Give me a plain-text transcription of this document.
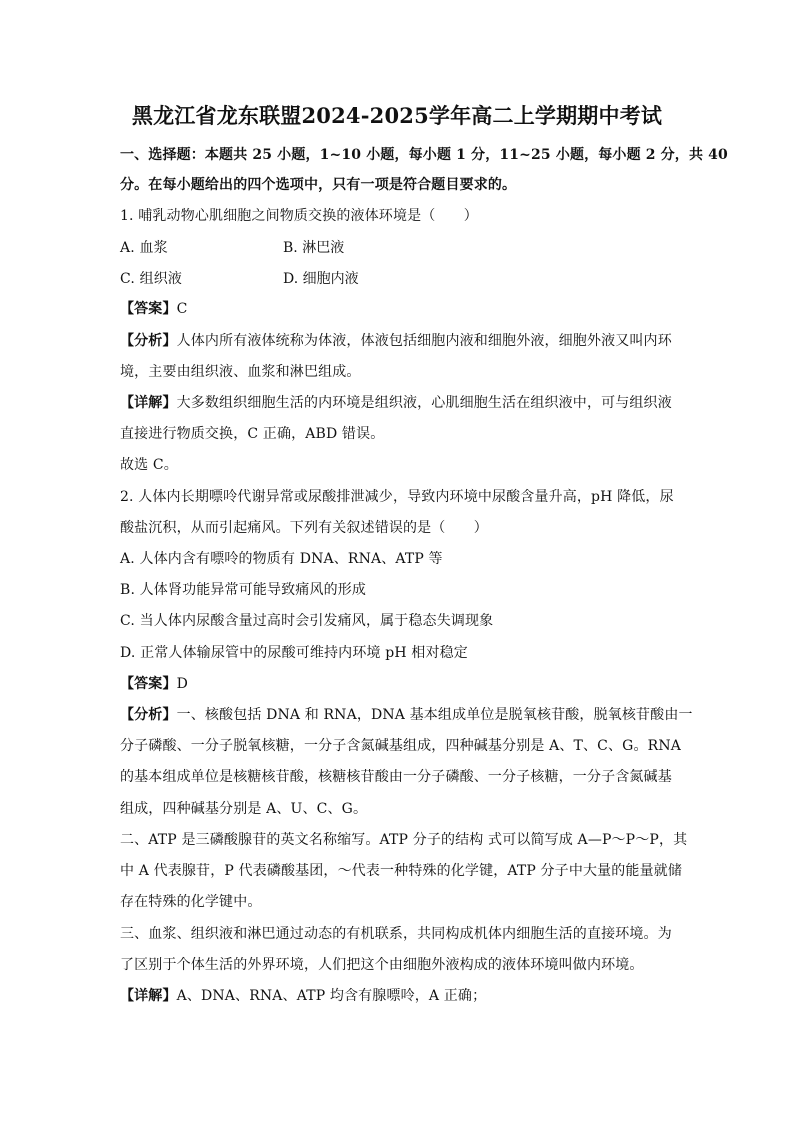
黑龙江省龙东联盟2024-2025学年高二上学期期中考试
一、选择题：本题共 25 小题，1~10 小题，每小题 1 分，11~25 小题，每小题 2 分，共 40
分。在每小题给出的四个选项中，只有一项是符合题目要求的。
1. 哺乳动物心肌细胞之间物质交换的液体环境是（　　）
A. 血浆	B. 淋巴液
C. 组织液	D. 细胞内液
【答案】C
【分析】人体内所有液体统称为体液，体液包括细胞内液和细胞外液，细胞外液又叫内环
境，主要由组织液、血浆和淋巴组成。
【详解】大多数组织细胞生活的内环境是组织液，心肌细胞生活在组织液中，可与组织液
直接进行物质交换，C 正确，ABD 错误。
故选 C。
2. 人体内长期嘌呤代谢异常或尿酸排泄减少，导致内环境中尿酸含量升高，pH 降低，尿
酸盐沉积，从而引起痛风。下列有关叙述错误的是（　　）
A. 人体内含有嘌呤的物质有 DNA、RNA、ATP 等
B. 人体肾功能异常可能导致痛风的形成
C. 当人体内尿酸含量过高时会引发痛风，属于稳态失调现象
D. 正常人体输尿管中的尿酸可维持内环境 pH 相对稳定
【答案】D
【分析】一、核酸包括 DNA 和 RNA，DNA 基本组成单位是脱氧核苷酸，脱氧核苷酸由一
分子磷酸、一分子脱氧核糖，一分子含氮碱基组成，四种碱基分别是 A、T、C、G。RNA
的基本组成单位是核糖核苷酸，核糖核苷酸由一分子磷酸、一分子核糖，一分子含氮碱基
组成，四种碱基分别是 A、U、C、G。
二、ATP 是三磷酸腺苷的英文名称缩写。ATP 分子的结构 式可以简写成 A—P～P～P，其
中 A 代表腺苷，P 代表磷酸基团，～代表一种特殊的化学键，ATP 分子中大量的能量就储
存在特殊的化学键中。
三、血浆、组织液和淋巴通过动态的有机联系，共同构成机体内细胞生活的直接环境。为
了区别于个体生活的外界环境，人们把这个由细胞外液构成的液体环境叫做内环境。
【详解】A、DNA、RNA、ATP 均含有腺嘌呤，A 正确；
